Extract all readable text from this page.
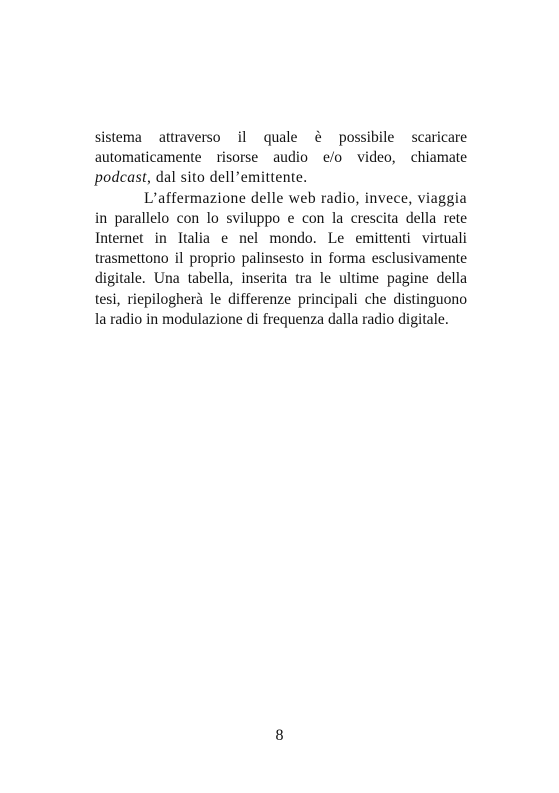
sistema attraverso il quale è possibile scaricare
automaticamente risorse audio e/o video, chiamate
podcast, dal sito dell’emittente.
L’affermazione delle web radio, invece, viaggia
in parallelo con lo sviluppo e con la crescita della rete
Internet in Italia e nel mondo. Le emittenti virtuali
trasmettono il proprio palinsesto in forma esclusivamente
digitale. Una tabella, inserita tra le ultime pagine della
tesi, riepilogherà le differenze principali che distinguono
la radio in modulazione di frequenza dalla radio digitale.
8
